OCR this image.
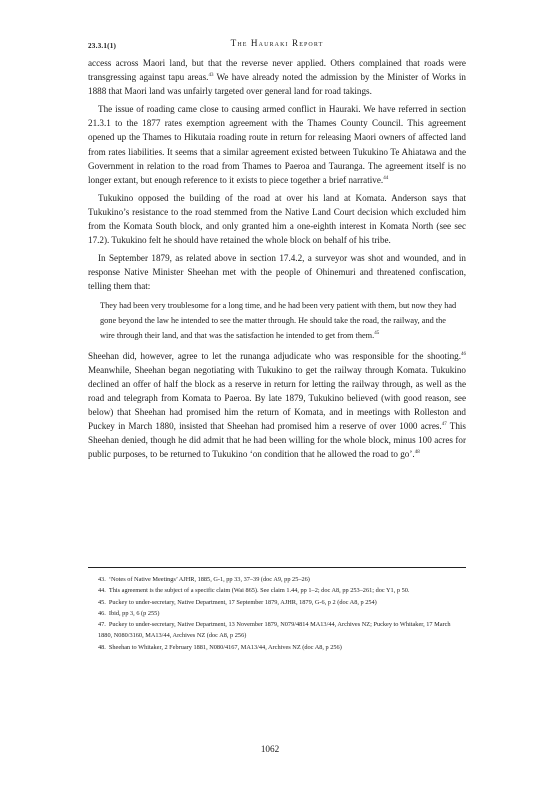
23.3.1(1)	The Hauraki Report

access across Maori land, but that the reverse never applied. Others complained that roads were transgressing against tapu areas.$^{43}$ We have already noted the admission by the Minister of Works in 1888 that Maori land was unfairly targeted over general land for road takings.

The issue of roading came close to causing armed conflict in Hauraki. We have referred in section 21.3.1 to the 1877 rates exemption agreement with the Thames County Council. This agreement opened up the Thames to Hikutaia roading route in return for releasing Maori owners of affected land from rates liabilities. It seems that a similar agreement existed between Tukukino Te Ahiatawa and the Government in relation to the road from Thames to Paeroa and Tauranga. The agreement itself is no longer extant, but enough reference to it exists to piece together a brief narrative.$^{44}$

Tukukino opposed the building of the road at over his land at Komata. Anderson says that Tukukino’s resistance to the road stemmed from the Native Land Court decision which excluded him from the Komata South block, and only granted him a one-eighth interest in Komata North (see sec 17.2). Tukukino felt he should have retained the whole block on behalf of his tribe.

In September 1879, as related above in section 17.4.2, a surveyor was shot and wounded, and in response Native Minister Sheehan met with the people of Ohinemuri and threatened confiscation, telling them that:

They had been very troublesome for a long time, and he had been very patient with them, but now they had gone beyond the law he intended to see the matter through. He should take the road, the railway, and the wire through their land, and that was the satisfaction he intended to get from them.$^{45}$

Sheehan did, however, agree to let the runanga adjudicate who was responsible for the shooting.$^{46}$ Meanwhile, Sheehan began negotiating with Tukukino to get the railway through Komata. Tukukino declined an offer of half the block as a reserve in return for letting the railway through, as well as the road and telegraph from Komata to Paeroa. By late 1879, Tukukino believed (with good reason, see below) that Sheehan had promised him the return of Komata, and in meetings with Rolleston and Puckey in March 1880, insisted that Sheehan had promised him a reserve of over 1000 acres.$^{47}$ This Sheehan denied, though he did admit that he had been willing for the whole block, minus 100 acres for public purposes, to be returned to Tukukino ‘on condition that he allowed the road to go’.$^{48}$

43. ‘Notes of Native Meetings’ AJHR, 1885, G-1, pp 33, 37–39 (doc A9, pp 25–26)

44. This agreement is the subject of a specific claim (Wai 865). See claim 1.44, pp 1–2; doc A8, pp 253–261; doc Y1, p 50.

45. Puckey to under-secretary, Native Department, 17 September 1879, AJHR, 1879, G-6, p 2 (doc A8, p 254)

46. Ibid, pp 3, 6 (p 255)

47. Puckey to under-secretary, Native Department, 13 November 1879, N079/4814 MA13/44, Archives NZ; Puckey to Whitaker, 17 March 1880, N080/3160, MA13/44, Archives NZ (doc A8, p 256)

48. Sheehan to Whitaker, 2 February 1881, N080/4167, MA13/44, Archives NZ (doc A8, p 256)

1062
